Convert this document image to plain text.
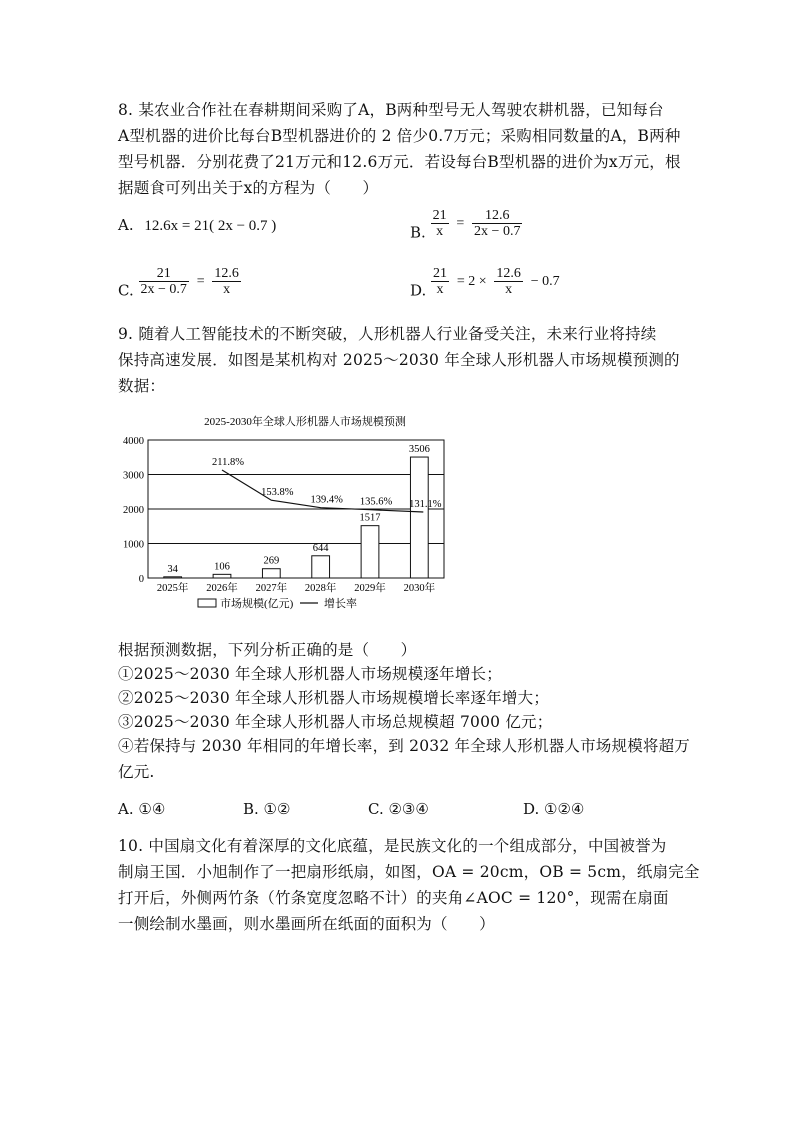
8. 某农业合作社在春耕期间采购了A，B两种型号无人驾驶农耕机器，已知每台
A型机器的进价比每台B型机器进价的 2 倍少0.7万元；采购相同数量的A，B两种
型号机器．分别花费了21万元和12.6万元．若设每台B型机器的进价为x万元，根
据题食可列出关于x的方程为（　　）
A. 12.6x = 21( 2x − 0.7 )	B. $\frac{21}{x} = \frac{12.6}{2x - 0.7}$
C. $\frac{21}{2x - 0.7} = \frac{12.6}{x}$	D. $\frac{21}{x} = 2 \times \frac{12.6}{x} - 0.7$
9. 随着人工智能技术的不断突破，人形机器人行业备受关注，未来行业将持续
保持高速发展．如图是某机构对 2025～2030 年全球人形机器人市场规模预测的
数据：
2025-2030年全球人形机器人市场规模预测
0
1000
2000
3000
4000
34
2025年
106
2026年
269
2027年
644
2028年
1517
2029年
3506
2030年
211.8%
153.8%
139.4% 135.6% 131.1%
市场规模(亿元)	增长率
根据预测数据，下列分析正确的是（　　）
①2025～2030 年全球人形机器人市场规模逐年增长；
②2025～2030 年全球人形机器人市场规模增长率逐年增大；
③2025～2030 年全球人形机器人市场总规模超 7000 亿元；
④若保持与 2030 年相同的年增长率，到 2032 年全球人形机器人市场规模将超万
亿元.
A. ①④	B. ①②	C. ②③④	D. ①②④
10. 中国扇文化有着深厚的文化底蕴，是民族文化的一个组成部分，中国被誉为
制扇王国．小旭制作了一把扇形纸扇，如图，OA = 20cm，OB = 5cm，纸扇完全
打开后，外侧两竹条（竹条宽度忽略不计）的夹角∠AOC = 120°，现需在扇面
一侧绘制水墨画，则水墨画所在纸面的面积为（　　）
